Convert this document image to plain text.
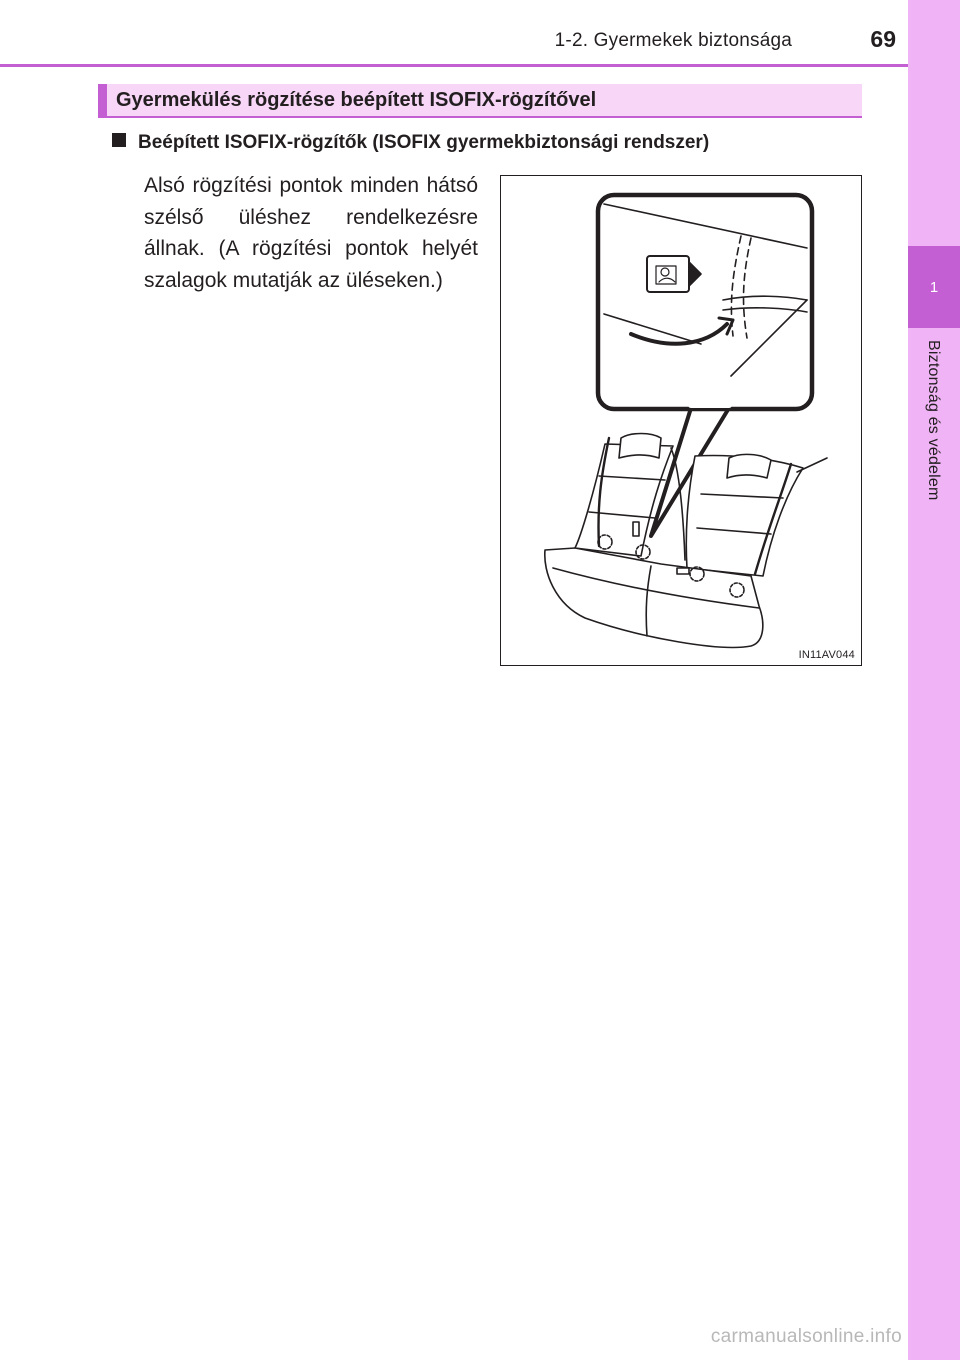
1
Biztonság és védelem
1-2. Gyermekek biztonsága	69
Gyermekülés rögzítése beépített ISOFIX-rögzítővel
Beépített ISOFIX-rögzítők (ISOFIX gyermekbiztonsági rendszer)
Alsó rögzítési pontok minden hátsó szélső üléshez rendelkezésre állnak. (A rögzítési pontok helyét szalagok mutatják az üléseken.)
IN11AV044
carmanualsonline.info
